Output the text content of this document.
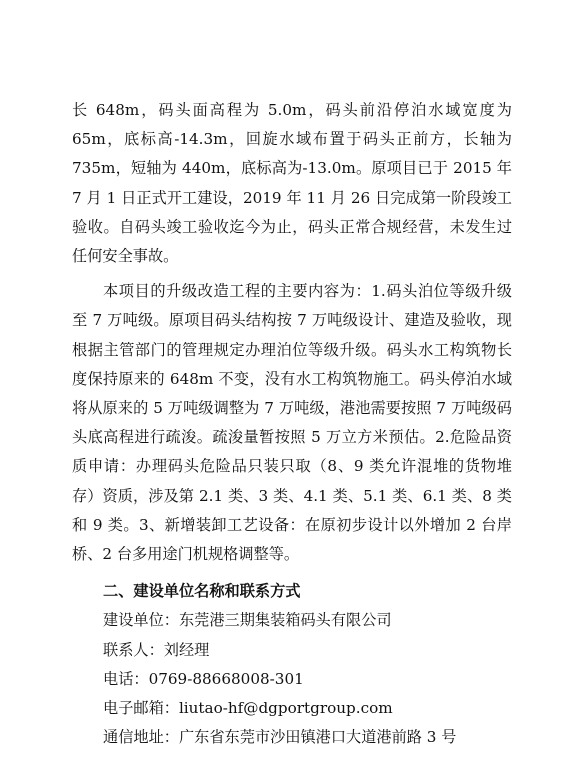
长 648m，码头面高程为 5.0m，码头前沿停泊水域宽度为 65m，底标高-14.3m，回旋水域布置于码头正前方，长轴为 735m，短轴为 440m，底标高为-13.0m。原项目已于 2015 年 7 月 1 日正式开工建设，2019 年 11 月 26 日完成第一阶段竣工验收。自码头竣工验收迄今为止，码头正常合规经营，未发生过任何安全事故。

本项目的升级改造工程的主要内容为：1.码头泊位等级升级至 7 万吨级。原项目码头结构按 7 万吨级设计、建造及验收，现根据主管部门的管理规定办理泊位等级升级。码头水工构筑物长度保持原来的 648m 不变，没有水工构筑物施工。码头停泊水域将从原来的 5 万吨级调整为 7 万吨级，港池需要按照 7 万吨级码头底高程进行疏浚。疏浚量暂按照 5 万立方米预估。2.危险品资质申请：办理码头危险品只装只取（8、9 类允许混堆的货物堆存）资质，涉及第 2.1 类、3 类、4.1 类、5.1 类、6.1 类、8 类和 9 类。3、新增装卸工艺设备：在原初步设计以外增加 2 台岸桥、2 台多用途门机规格调整等。

二、建设单位名称和联系方式

建设单位：东莞港三期集装箱码头有限公司

联系人：刘经理

电话：0769-88668008-301

电子邮箱：liutao-hf@dgportgroup.com

通信地址：广东省东莞市沙田镇港口大道港前路 3 号
